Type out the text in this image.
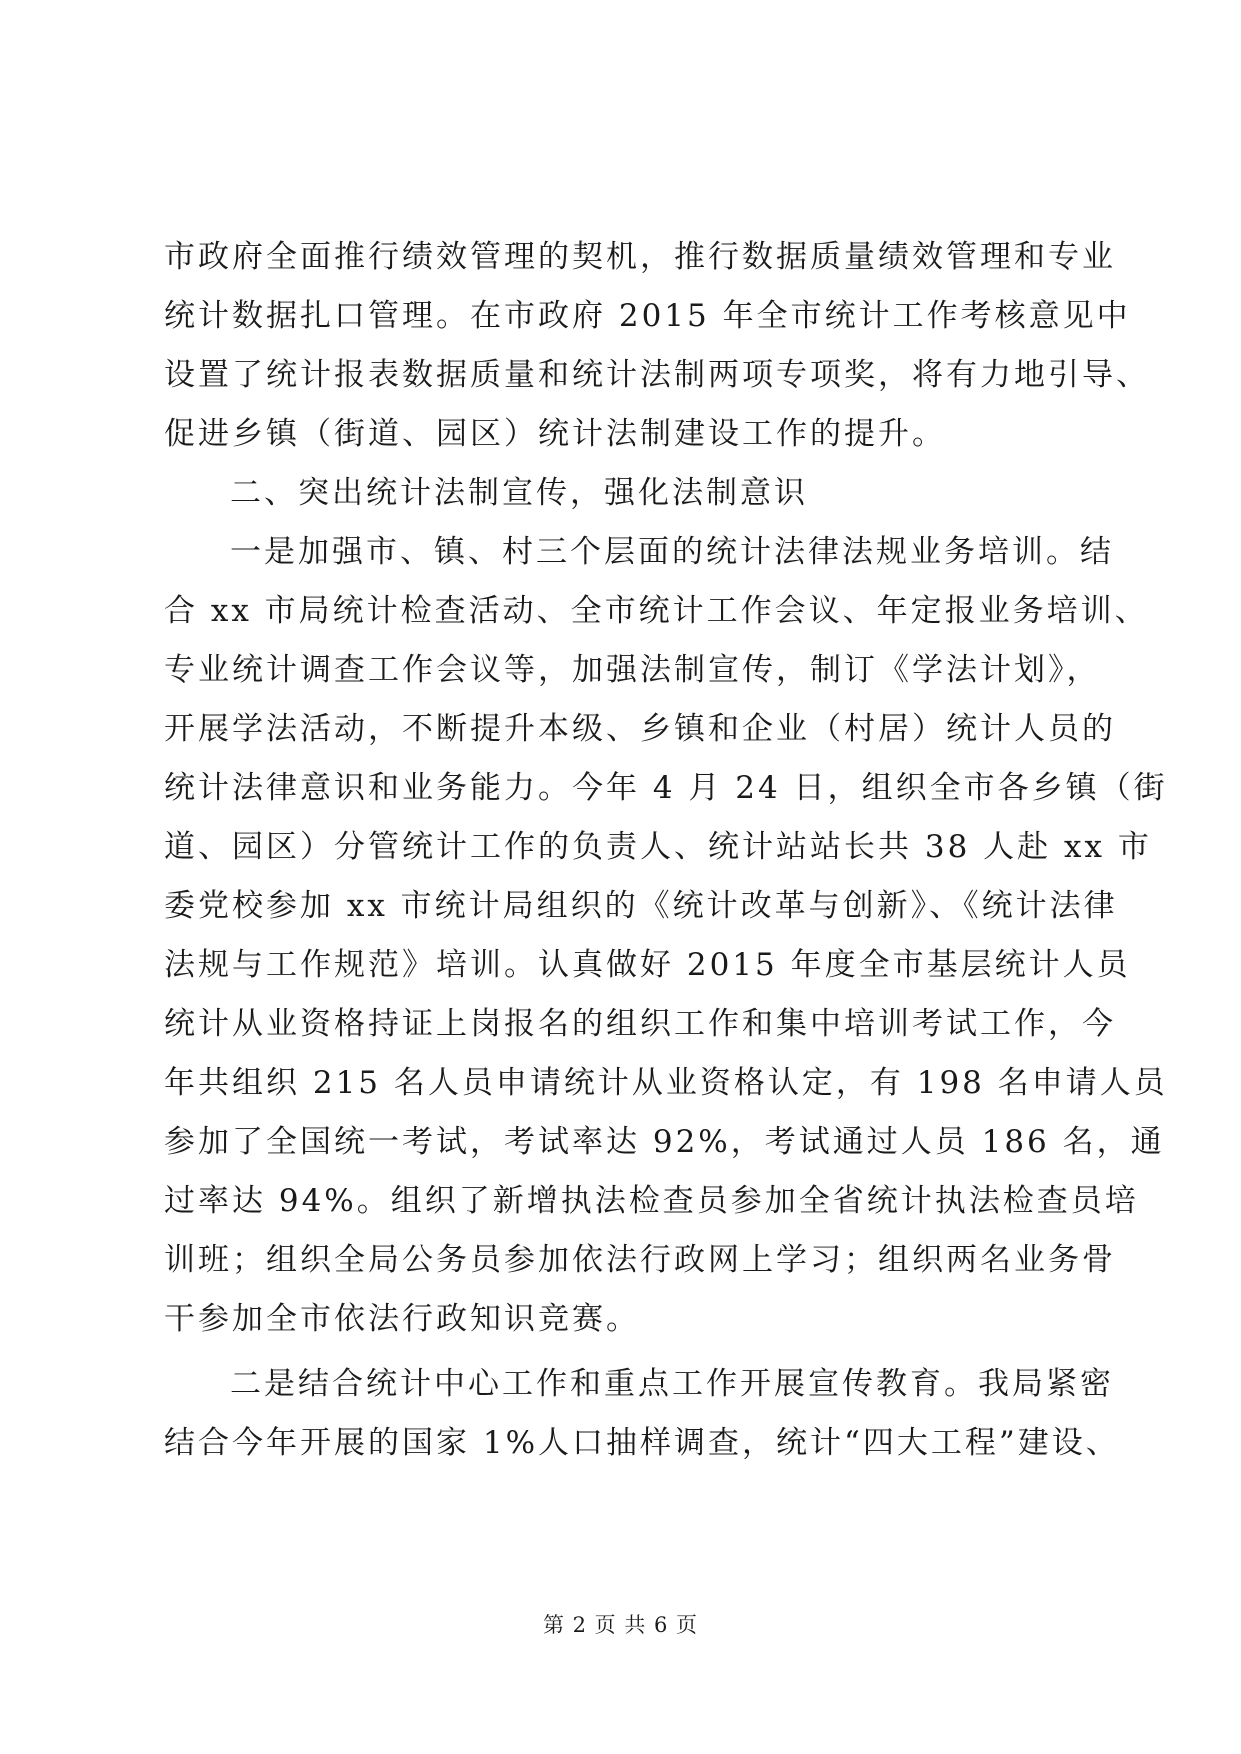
市政府全面推行绩效管理的契机，推行数据质量绩效管理和专业
统计数据扎口管理。在市政府 2015 年全市统计工作考核意见中
设置了统计报表数据质量和统计法制两项专项奖，将有力地引导、
促进乡镇（街道、园区）统计法制建设工作的提升。
二、突出统计法制宣传，强化法制意识
一是加强市、镇、村三个层面的统计法律法规业务培训。结
合 xx 市局统计检查活动、全市统计工作会议、年定报业务培训、
专业统计调查工作会议等，加强法制宣传，制订《学法计划》，
开展学法活动，不断提升本级、乡镇和企业（村居）统计人员的
统计法律意识和业务能力。今年 4 月 24 日，组织全市各乡镇（街
道、园区）分管统计工作的负责人、统计站站长共 38 人赴 xx 市
委党校参加 xx 市统计局组织的《统计改革与创新》、《统计法律
法规与工作规范》培训。认真做好 2015 年度全市基层统计人员
统计从业资格持证上岗报名的组织工作和集中培训考试工作，今
年共组织 215 名人员申请统计从业资格认定，有 198 名申请人员
参加了全国统一考试，考试率达 92%，考试通过人员 186 名，通
过率达 94%。组织了新增执法检查员参加全省统计执法检查员培
训班；组织全局公务员参加依法行政网上学习；组织两名业务骨
干参加全市依法行政知识竞赛。
二是结合统计中心工作和重点工作开展宣传教育。我局紧密
结合今年开展的国家 1%人口抽样调查，统计“四大工程”建设、
第 2 页 共 6 页
